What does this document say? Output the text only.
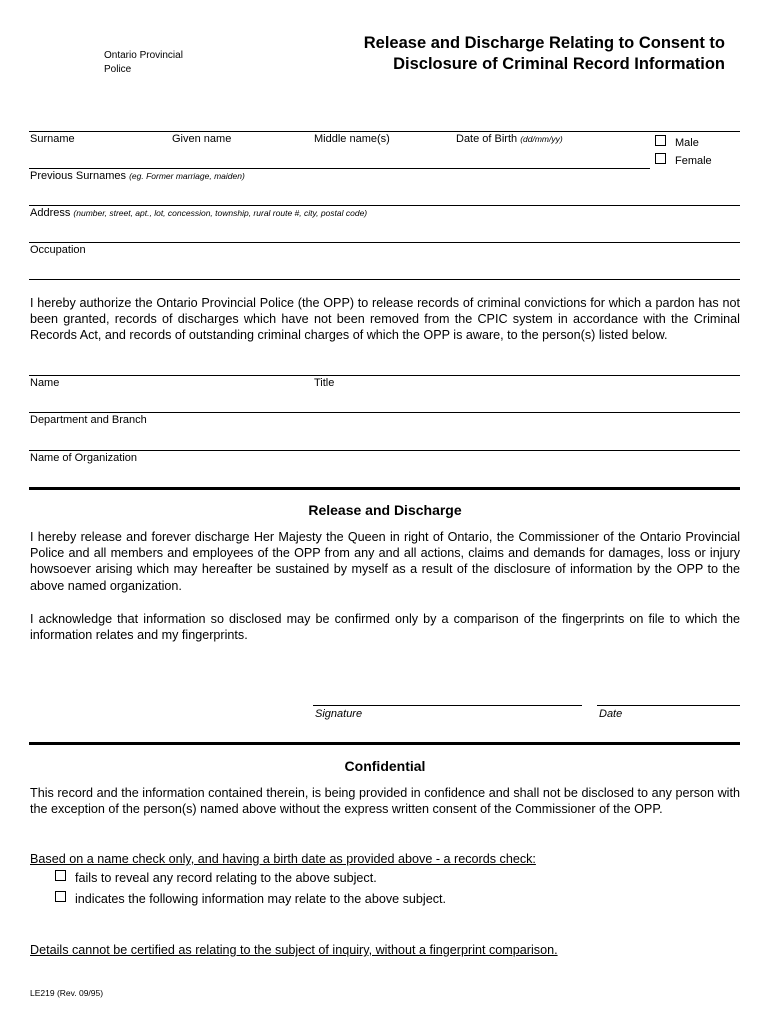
Ontario Provincial Police
Release and Discharge Relating to Consent to
Disclosure of Criminal Record Information
Surname	Given name	Middle name(s)	Date of Birth (dd/mm/yy)	Male
Female
Previous Surnames (eg. Former marriage, maiden)
Address (number, street, apt., lot, concession, township, rural route #, city, postal code)
Occupation
I hereby authorize the Ontario Provincial Police (the OPP) to release records of criminal convictions for which a pardon has not been granted, records of discharges which have not been removed from the CPIC system in accordance with the Criminal Records Act, and records of outstanding criminal charges of which the OPP is aware, to the person(s) listed below.
Name	Title
Department and Branch
Name of Organization
Release and Discharge
I hereby release and forever discharge Her Majesty the Queen in right of Ontario, the Commissioner of the Ontario Provincial Police and all members and employees of the OPP from any and all actions, claims and demands for damages, loss or injury howsoever arising which may hereafter be sustained by myself as a result of the disclosure of information by the OPP to the above named organization.
I acknowledge that information so disclosed may be confirmed only by a comparison of the fingerprints on file to which the information relates and my fingerprints.
Signature	Date
Confidential
This record and the information contained therein, is being provided in confidence and shall not be disclosed to any person with the exception of the person(s) named above without the express written consent of the Commissioner of the OPP.
Based on a name check only, and having a birth date as provided above - a records check:
fails to reveal any record relating to the above subject.
indicates the following information may relate to the above subject.
Details cannot be certified as relating to the subject of inquiry, without a fingerprint comparison.
LE219 (Rev. 09/95)
